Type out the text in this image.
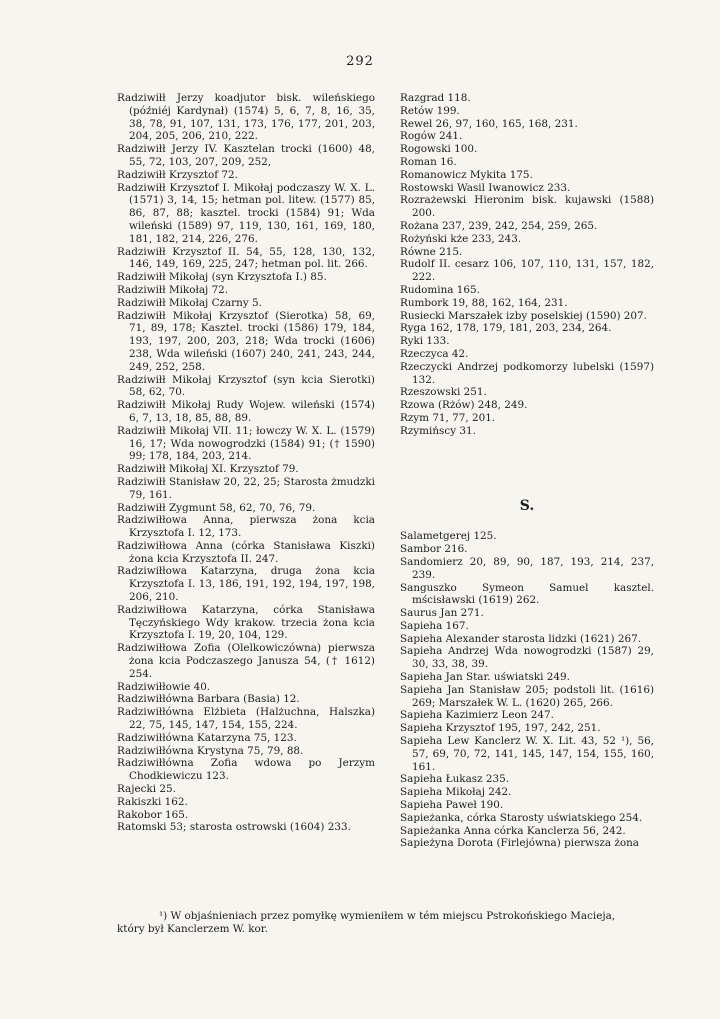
292
Radziwiłł Jerzy koadjutor bisk. wileńskiego (późniéj Kardynał) (1574) 5, 6, 7, 8, 16, 35, 38, 78, 91, 107, 131, 173, 176, 177, 201, 203, 204, 205, 206, 210, 222.
Radziwiłł Jerzy IV. Kasztelan trocki (1600) 48, 55, 72, 103, 207, 209, 252,
Radziwiłł Krzysztof 72.
Radziwiłł Krzysztof I. Mikołaj podczaszy W. X. L. (1571) 3, 14, 15; hetman pol. litew. (1577) 85, 86, 87, 88; kasztel. trocki (1584) 91; Wda wileński (1589) 97, 119, 130, 161, 169, 180, 181, 182, 214, 226, 276.
Radziwiłł Krzysztof II. 54, 55, 128, 130, 132, 146, 149, 169, 225, 247; hetman pol. lit. 266.
Radziwiłł Mikołaj (syn Krzysztofa I.) 85.
Radziwiłł Mikołaj 72.
Radziwiłł Mikołaj Czarny 5.
Radziwiłł Mikołaj Krzysztof (Sierotka) 58, 69, 71, 89, 178; Kasztel. trocki (1586) 179, 184, 193, 197, 200, 203, 218; Wda trocki (1606) 238, Wda wileński (1607) 240, 241, 243, 244, 249, 252, 258.
Radziwiłł Mikołaj Krzysztof (syn kcia Sierotki) 58, 62, 70.
Radziwiłł Mikołaj Rudy Wojew. wileński (1574) 6, 7, 13, 18, 85, 88, 89.
Radziwiłł Mikołaj VII. 11; łowczy W. X. L. (1579) 16, 17; Wda nowogrodzki (1584) 91; († 1590) 99; 178, 184, 203, 214.
Radziwiłł Mikołaj XI. Krzysztof 79.
Radziwiłł Stanisław 20, 22, 25; Starosta żmudzki 79, 161.
Radziwiłł Zygmunt 58, 62, 70, 76, 79.
Radziwiłłowa Anna, pierwsza żona kcia Krzysztofa I. 12, 173.
Radziwiłłowa Anna (córka Stanisława Kiszki) żona kcia Krzysztofa II. 247.
Radziwiłłowa Katarzyna, druga żona kcia Krzysztofa I. 13, 186, 191, 192, 194, 197, 198, 206, 210.
Radziwiłłowa Katarzyna, córka Stanisława Tęczyńskiego Wdy krakow. trzecia żona kcia Krzysztofa I. 19, 20, 104, 129.
Radziwiłłowa Zofia (Olelkowiczówna) pierwsza żona kcia Podczaszego Janusza 54, († 1612) 254.
Radziwiłłowie 40.
Radziwiłłówna Barbara (Basia) 12.
Radziwiłłówna Elżbieta (Halżuchna, Halszka) 22, 75, 145, 147, 154, 155, 224.
Radziwiłłówna Katarzyna 75, 123.
Radziwiłłówna Krystyna 75, 79, 88.
Radziwiłłówna Zofia wdowa po Jerzym Chodkiewiczu 123.
Rajecki 25.
Rakiszki 162.
Rakobor 165.
Ratomski 53; starosta ostrowski (1604) 233.
Razgrad 118.
Retów 199.
Rewel 26, 97, 160, 165, 168, 231.
Rogów 241.
Rogowski 100.
Roman 16.
Romanowicz Mykita 175.
Rostowski Wasil Iwanowicz 233.
Rozrażewski Hieronim bisk. kujawski (1588) 200.
Rożana 237, 239, 242, 254, 259, 265.
Rożyński kże 233, 243.
Równe 215.
Rudolf II. cesarz 106, 107, 110, 131, 157, 182, 222.
Rudomina 165.
Rumbork 19, 88, 162, 164, 231.
Rusiecki Marszałek izby poselskiej (1590) 207.
Ryga 162, 178, 179, 181, 203, 234, 264.
Ryki 133.
Rzeczyca 42.
Rzeczycki Andrzej podkomorzy lubelski (1597) 132.
Rzeszowski 251.
Rzowa (Rżów) 248, 249.
Rzym 71, 77, 201.
Rzymińscy 31.
S.
Salametgerej 125.
Sambor 216.
Sandomierz 20, 89, 90, 187, 193, 214, 237, 239.
Sanguszko Symeon Samuel kasztel. mścisławski (1619) 262.
Saurus Jan 271.
Sapieha 167.
Sapieha Alexander starosta lidzki (1621) 267.
Sapieha Andrzej Wda nowogrodzki (1587) 29, 30, 33, 38, 39.
Sapieha Jan Star. uświatski 249.
Sapieha Jan Stanisław 205; podstoli lit. (1616) 269; Marszałek W. L. (1620) 265, 266.
Sapieha Kazimierz Leon 247.
Sapieha Krzysztof 195, 197, 242, 251.
Sapieha Lew Kanclerz W. X. Lit. 43, 52 ¹), 56, 57, 69, 70, 72, 141, 145, 147, 154, 155, 160, 161.
Sapieha Łukasz 235.
Sapieha Mikołaj 242.
Sapieha Paweł 190.
Sapieżanka, córka Starosty uświatskiego 254.
Sapieżanka Anna córka Kanclerza 56, 242.
Sapieżyna Dorota (Firlejówna) pierwsza żona
¹) W objaśnieniach przez pomyłkę wymieniłem w tém miejscu Pstrokońskiego Macieja,
który był Kanclerzem W. kor.
